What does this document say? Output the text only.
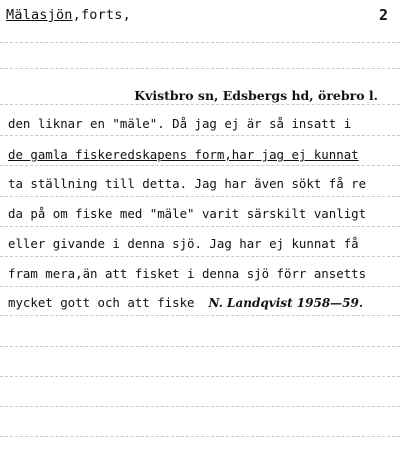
Mälasjön,forts,	2
Kvistbro sn, Edsbergs hd, örebro l.
den liknar en "mäle". Då jag ej är så insatt i
de gamla fiskeredskapens form,har jag ej kunnat
ta ställning till detta. Jag har även sökt få re
da på om fiske med "mäle" varit särskilt vanligt
eller givande i denna sjö. Jag har ej kunnat få
fram mera,än att fisket i denna sjö förr ansetts
mycket gott och att fiske N. Landqvist 1958—59.
